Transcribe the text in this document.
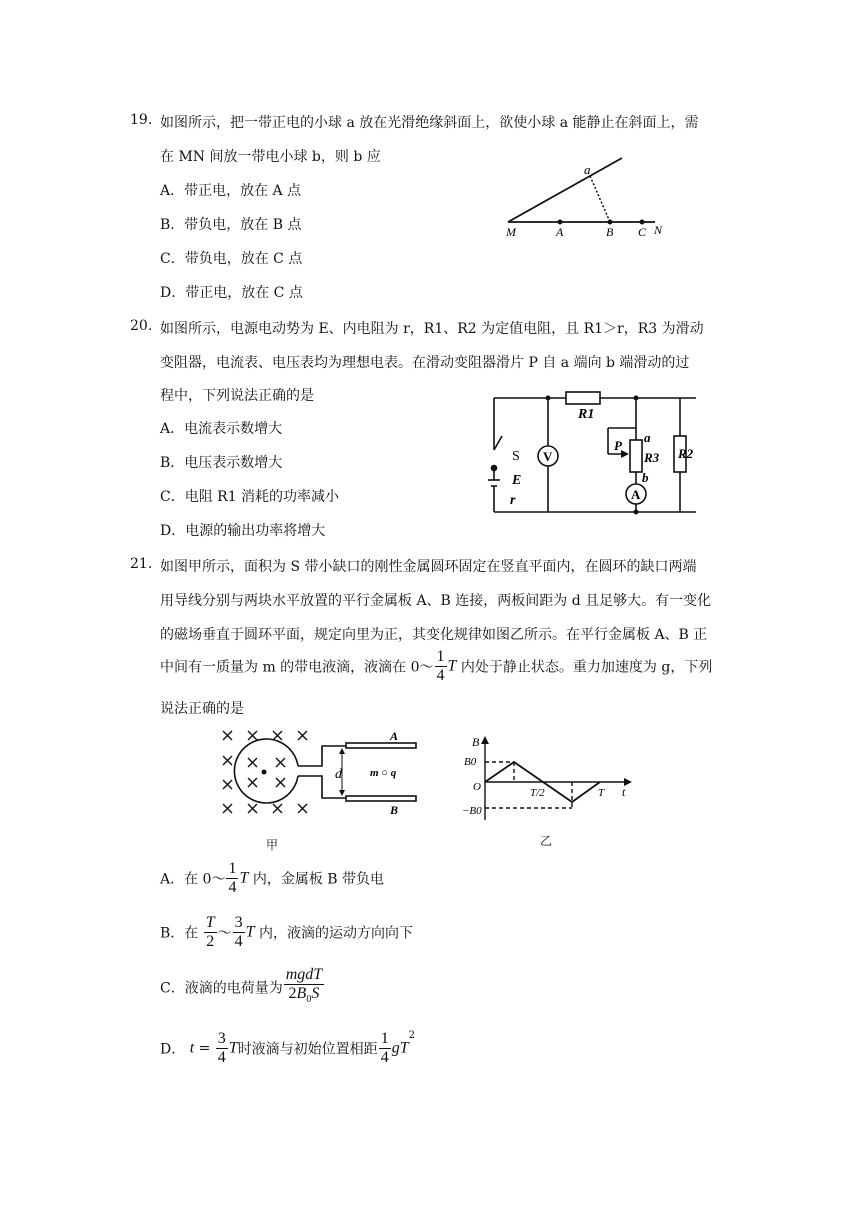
19. 如图所示，把一带正电的小球 a 放在光滑绝缘斜面上，欲使小球 a 能静止在斜面上，需
在 MN 间放一带电小球 b，则 b 应
A．带正电，放在 A 点
B．带负电，放在 B 点
C．带负电，放在 C 点
D．带正电，放在 C 点
a
M	A	B C N
20. 如图所示，电源电动势为 E、内电阻为 r，R1、R2 为定值电阻，且 R1＞r，R3 为滑动
变阻器，电流表、电压表均为理想电表。在滑动变阻器滑片 P 自 a 端向 b 端滑动的过
程中，下列说法正确的是
A．电流表示数增大
B．电压表示数增大
C．电阻 R1 消耗的功率减小
D．电源的输出功率将增大
R1
V
P
a
R3
b
A
R2
S
E
r
21. 如图甲所示，面积为 S 带小缺口的刚性金属圆环固定在竖直平面内，在圆环的缺口两端
用导线分别与两块水平放置的平行金属板 A、B 连接，两板间距为 d 且足够大。有一变化
的磁场垂直于圆环平面，规定向里为正，其变化规律如图乙所示。在平行金属板 A、B 正
中间有一质量为 m 的带电液滴，液滴在 0～ $\frac{1}{4}$ T 内处于静止状态。重力加速度为 g，下列
说法正确的是
d
A
B
m ○ q
甲
B
B0
O
−B0
T/2	T t
乙
A．在 0～ $\frac{1}{4}$ T 内，金属板 B 带负电
B．在 $\frac{T}{2}$ ～ $\frac{3}{4}$ T 内，液滴的运动方向向下
C．液滴的电荷量为 $\frac{\text{mgdT}}{2B_0S}$
D． $t = \frac{3}{4}$ T时液滴与初始位置相距 $\frac{1}{4} gT^2$
